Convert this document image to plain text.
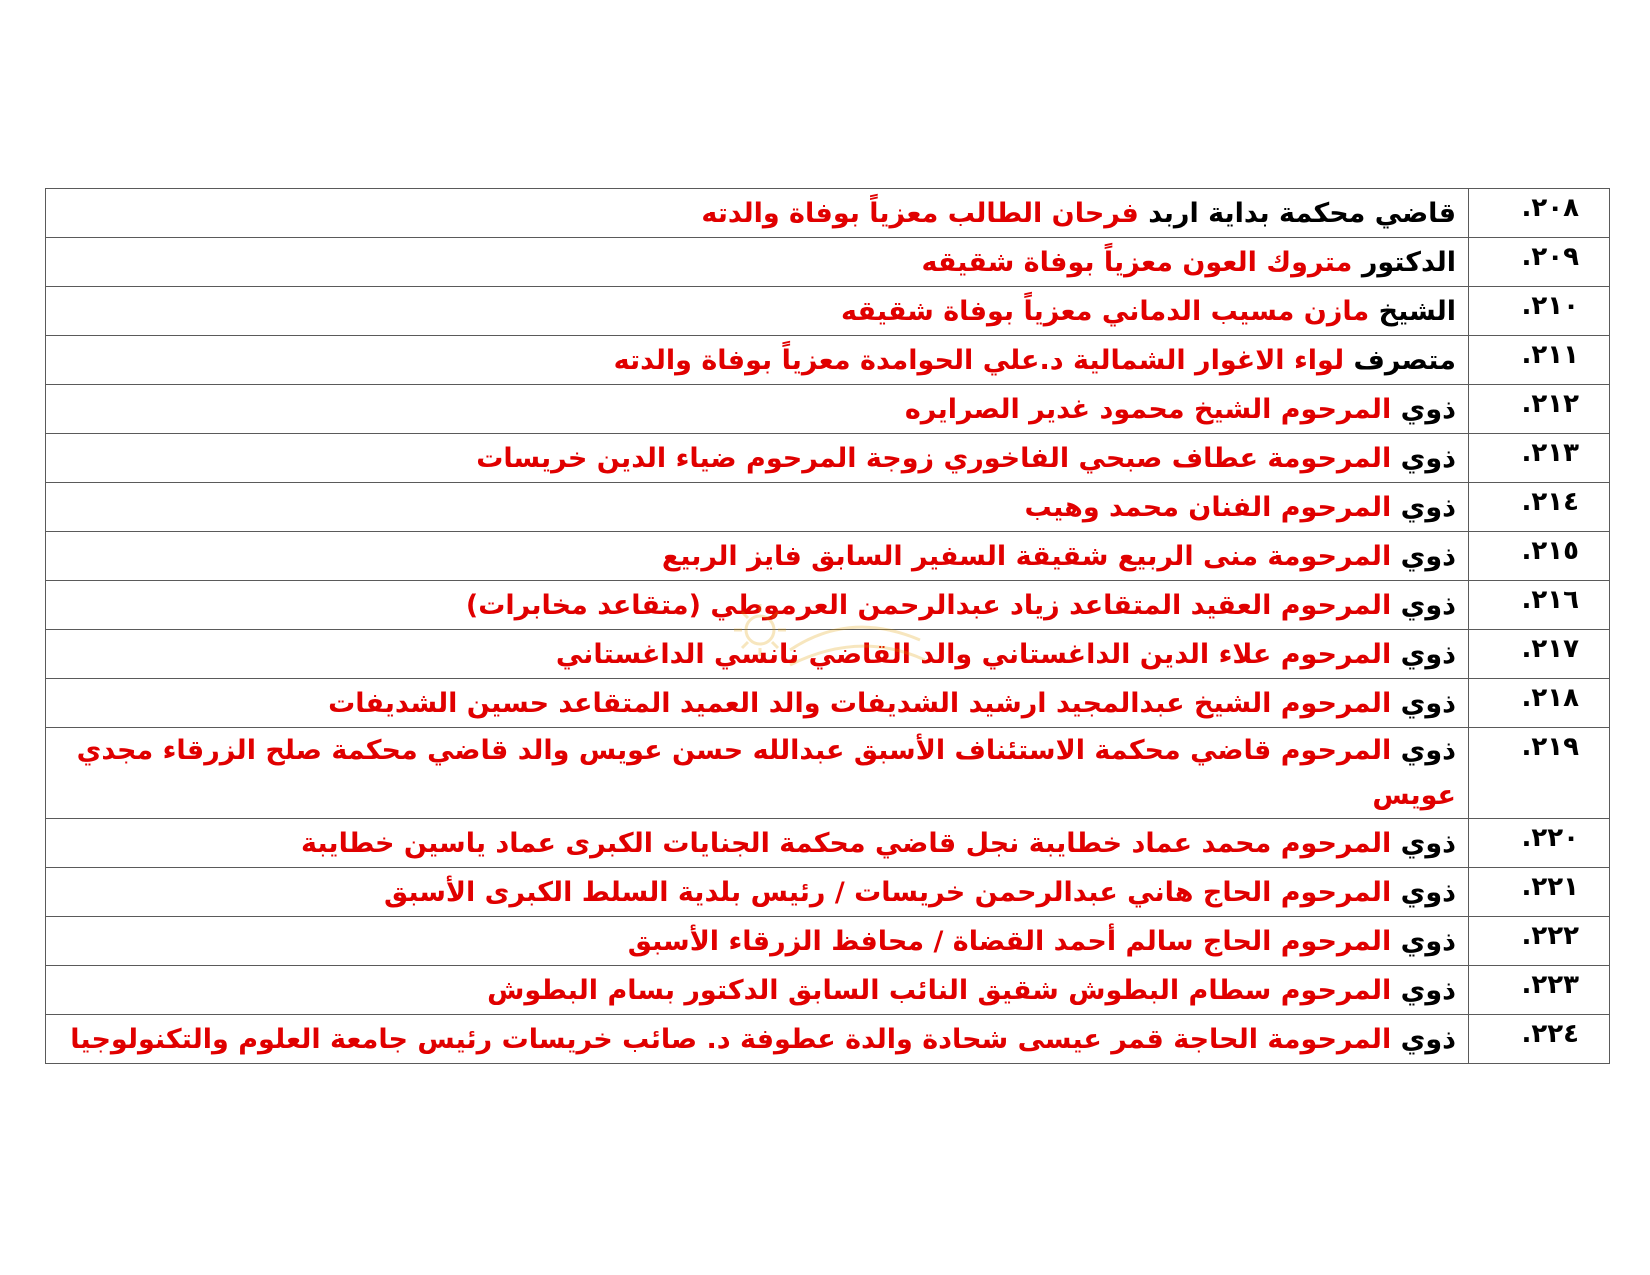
٢٠٨.	قاضي محكمة بداية اربد فرحان الطالب معزياً بوفاة والدته
٢٠٩.	الدكتور متروك العون معزياً بوفاة شقيقه
٢١٠.	الشيخ مازن مسيب الدماني معزياً بوفاة شقيقه
٢١١.	متصرف لواء الاغوار الشمالية د.علي الحوامدة معزياً بوفاة والدته
٢١٢.	ذوي المرحوم الشيخ محمود غدير الصرايره
٢١٣.	ذوي المرحومة عطاف صبحي الفاخوري زوجة المرحوم ضياء الدين خريسات
٢١٤.	ذوي المرحوم الفنان محمد وهيب
٢١٥.	ذوي المرحومة منى الربيع شقيقة السفير السابق فايز الربيع
٢١٦.	ذوي المرحوم العقيد المتقاعد زياد عبدالرحمن العرموطي (متقاعد مخابرات)
٢١٧.	ذوي المرحوم علاء الدين الداغستاني والد القاضي نانسي الداغستاني
٢١٨.	ذوي المرحوم الشيخ عبدالمجيد ارشيد الشديفات والد العميد المتقاعد حسين الشديفات
٢١٩.	ذوي المرحوم قاضي محكمة الاستئناف الأسبق عبدالله حسن عويس والد قاضي محكمة صلح الزرقاء مجدي عويس
٢٢٠.	ذوي المرحوم محمد عماد خطايبة نجل قاضي محكمة الجنايات الكبرى عماد ياسين خطايبة
٢٢١.	ذوي المرحوم الحاج هاني عبدالرحمن خريسات / رئيس بلدية السلط الكبرى الأسبق
٢٢٢.	ذوي المرحوم الحاج سالم أحمد القضاة / محافظ الزرقاء الأسبق
٢٢٣.	ذوي المرحوم سطام البطوش شقيق النائب السابق الدكتور بسام البطوش
٢٢٤.	ذوي المرحومة الحاجة قمر عيسى شحادة والدة عطوفة د. صائب خريسات رئيس جامعة العلوم والتكنولوجيا
